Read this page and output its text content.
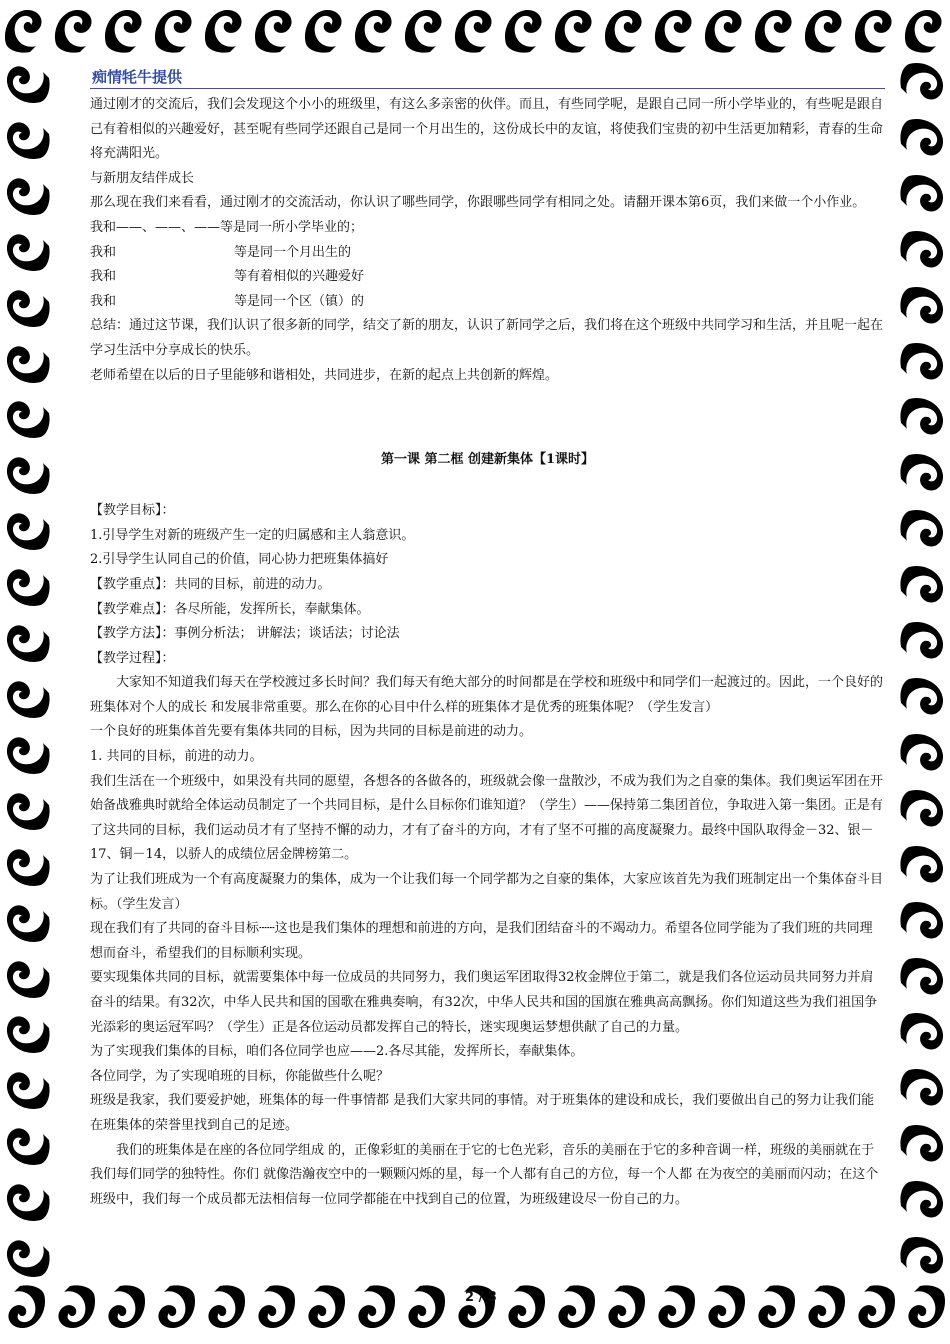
痴情牦牛提供

通过刚才的交流后，我们会发现这个小小的班级里，有这么多亲密的伙伴。而且，有些同学呢，是跟自己同一所小学毕业的，有些呢是跟自己有着相似的兴趣爱好，甚至呢有些同学还跟自己是同一个月出生的，这份成长中的友谊，将使我们宝贵的初中生活更加精彩，青春的生命将充满阳光。

与新朋友结伴成长

那么现在我们来看看，通过刚才的交流活动，你认识了哪些同学，你跟哪些同学有相同之处。请翻开课本第6页，我们来做一个小作业。

我和——、——、——等是同一所小学毕业的；

我和	等是同一个月出生的

我和	等有着相似的兴趣爱好

我和	等是同一个区（镇）的

总结：通过这节课，我们认识了很多新的同学，结交了新的朋友，认识了新同学之后，我们将在这个班级中共同学习和生活，并且呢一起在学习生活中分享成长的快乐。

老师希望在以后的日子里能够和谐相处，共同进步，在新的起点上共创新的辉煌。

第一课 第二框 创建新集体【1课时】

【教学目标】：

1.引导学生对新的班级产生一定的归属感和主人翁意识。

2.引导学生认同自己的价值，同心协力把班集体搞好

【教学重点】：共同的目标，前进的动力。

【教学难点】：各尽所能，发挥所长，奉献集体。

【教学方法】：事例分析法； 讲解法；谈话法；讨论法

【教学过程】：

大家知不知道我们每天在学校渡过多长时间？我们每天有绝大部分的时间都是在学校和班级中和同学们一起渡过的。因此，一个良好的班集体对个人的成长 和发展非常重要。那么在你的心目中什么样的班集体才是优秀的班集体呢？（学生发言）

一个良好的班集体首先要有集体共同的目标，因为共同的目标是前进的动力。

1. 共同的目标，前进的动力。

我们生活在一个班级中，如果没有共同的愿望，各想各的各做各的，班级就会像一盘散沙，不成为我们为之自豪的集体。我们奥运军团在开始备战雅典时就给全体运动员制定了一个共同目标，是什么目标你们谁知道？（学生）——保持第二集团首位，争取进入第一集团。正是有了这共同的目标，我们运动员才有了坚持不懈的动力，才有了奋斗的方向，才有了坚不可摧的高度凝聚力。最终中国队取得金－32、银－17、铜－14，以骄人的成绩位居金牌榜第二。

为了让我们班成为一个有高度凝聚力的集体，成为一个让我们每一个同学都为之自豪的集体，大家应该首先为我们班制定出一个集体奋斗目标。（学生发言）

现在我们有了共同的奋斗目标┄┄这也是我们集体的理想和前进的方向，是我们团结奋斗的不竭动力。希望各位同学能为了我们班的共同理想而奋斗，希望我们的目标顺利实现。

要实现集体共同的目标，就需要集体中每一位成员的共同努力，我们奥运军团取得32枚金牌位于第二，就是我们各位运动员共同努力并肩奋斗的结果。有32次，中华人民共和国的国歌在雅典奏响，有32次，中华人民共和国的国旗在雅典高高飘扬。你们知道这些为我们祖国争光添彩的奥运冠军吗？（学生）正是各位运动员都发挥自己的特长，迷实现奥运梦想供献了自己的力量。

为了实现我们集体的目标，咱们各位同学也应——2.各尽其能，发挥所长，奉献集体。

各位同学，为了实现咱班的目标，你能做些什么呢？

班级是我家，我们要爱护她，班集体的每一件事情都 是我们大家共同的事情。对于班集体的建设和成长，我们要做出自己的努力让我们能在班集体的荣誉里找到自己的足迹。

我们的班集体是在座的各位同学组成 的，正像彩虹的美丽在于它的七色光彩，音乐的美丽在于它的多种音调一样，班级的美丽就在于我们每们同学的独特性。你们 就像浩瀚夜空中的一颗颗闪烁的星，每一个人都有自己的方位，每一个人都 在为夜空的美丽而闪动；在这个班级中，我们每一个成员都无法相信每一位同学都能在中找到自己的位置，为班级建设尽一份自己的力。

2 / 3
